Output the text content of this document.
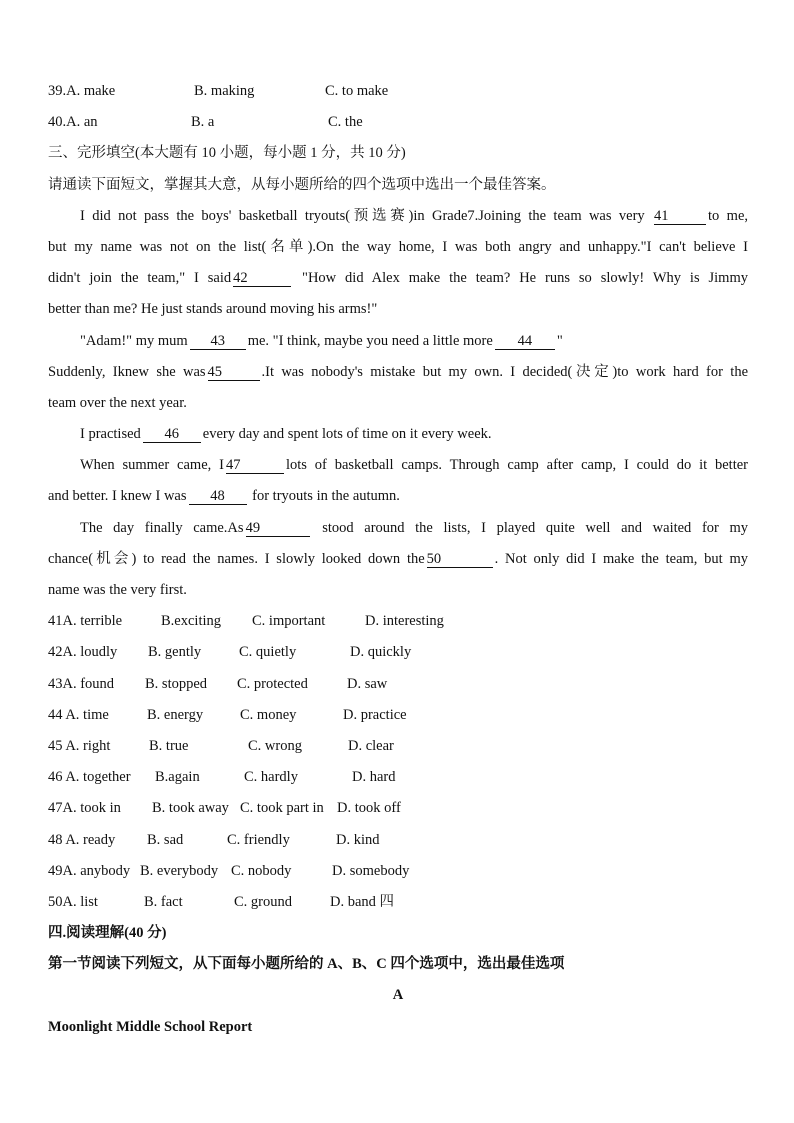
39.A. make	B. making	C. to make
40.A. an	B. a	C. the
三、完形填空(本大题有 10 小题，每小题 1 分，共 10 分)
请通读下面短文，掌握其大意，从每小题所给的四个选项中选出一个最佳答案。
I did not pass the boys' basketball tryouts(预选赛)in Grade7.Joining the team was very 41	to me,
but my name was not on the list(名单).On the way home, I was both angry and unhappy."I can't believe I
didn't join the team," I said 42	"How did Alex make the team? He runs so slowly! Why is Jimmy
better than me? He just stands around moving his arms!"
"Adam!" my mum 43 me. "I think, maybe you need a little more 44 "
Suddenly, Iknew she was 45	.It was nobody's mistake but my own. I decided(决定)to work hard for the
team over the next year.
I practised 46 every day and spent lots of time on it every week.
When summer came, I 47	lots of basketball camps. Through camp after camp, I could do it better
and better. I knew I was 48 for tryouts in the autumn.
The day finally came.As 49	stood around the lists, I played quite well and waited for my
chance(机会) to read the names. I slowly looked down the 50	. Not only did I make the team, but my
name was the very first.
41A. terrible	B.exciting C. important	D. interesting
42A. loudly B. gently	C. quietly	D. quickly
43A. found B. stopped C. protected	D. saw
44 A. time	B. energy	C. money	D. practice
45 A. right	B. true	C. wrong	D. clear
46 A. together B.again	C. hardly	D. hard
47A. took in B. took away C. took part in D. took off
48 A. ready B. sad	C. friendly	D. kind
49A. anybody B. everybody C. nobody	D. somebody
50A. list	B. fact	C. ground	D. band 四
四.阅读理解(40 分)
第一节阅读下列短文，从下面每小题所给的 A、B、C 四个选项中，选出最佳选项
A
Moonlight Middle School Report
